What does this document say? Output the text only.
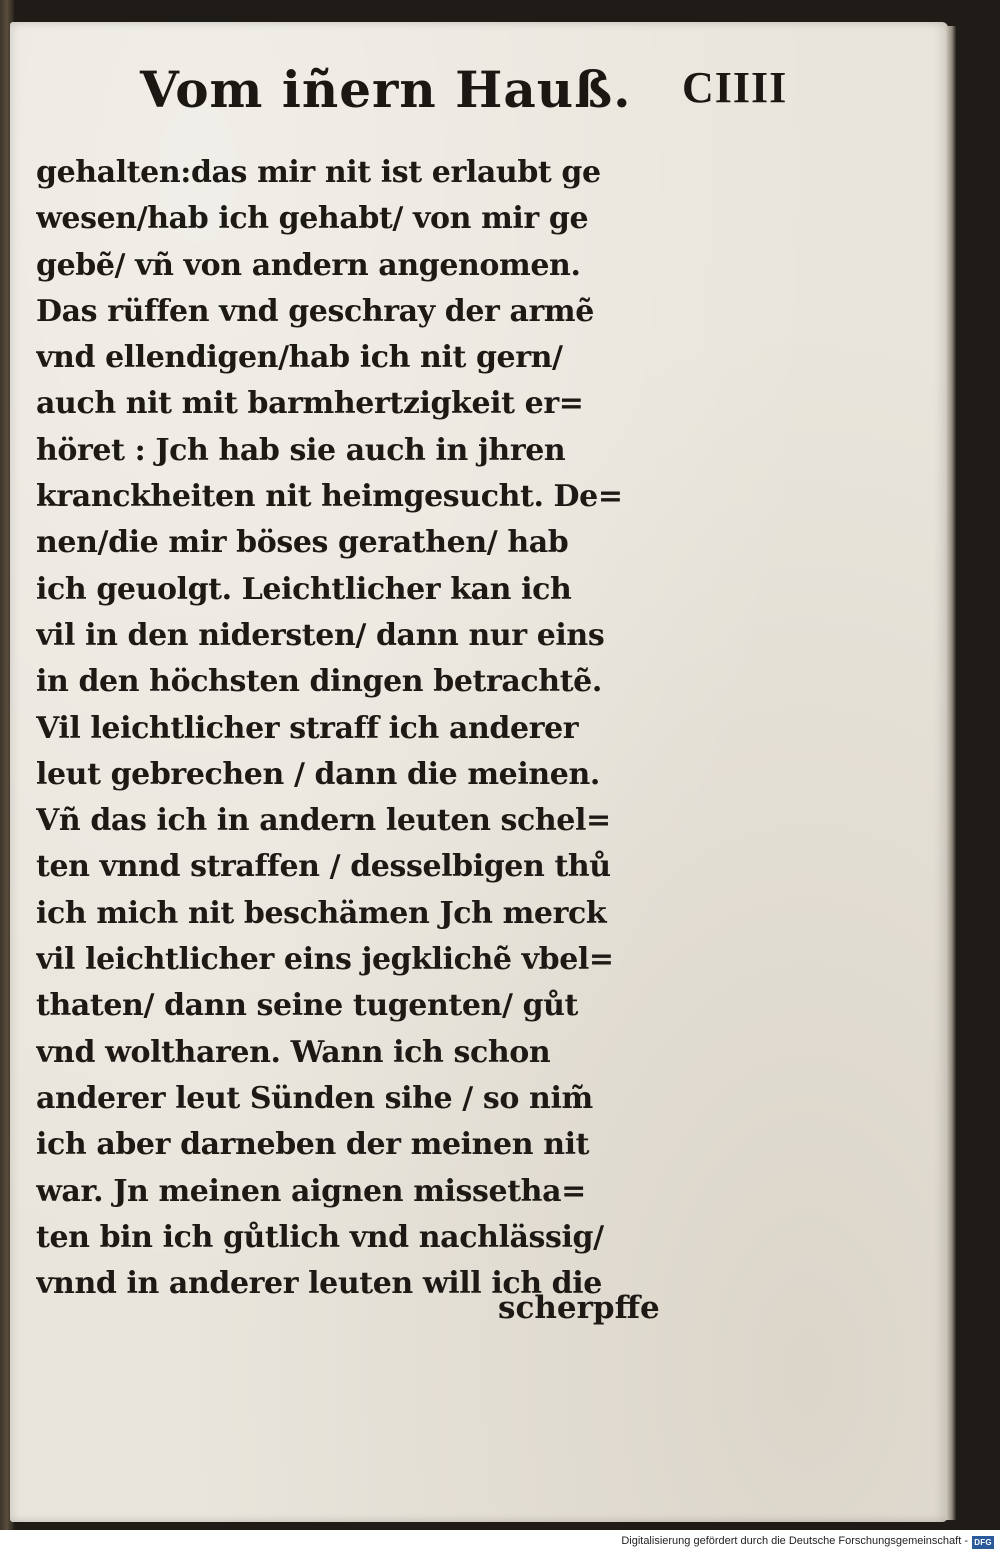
Vom iñern Hauß. CIIII
gehalten:das mir nit ist erlaubt ge
wesen/hab ich gehabt/ von mir ge
gebẽ/ vñ von andern angenomen.
Das rüffen vnd geschray der armẽ
vnd ellendigen/hab ich nit gern/
auch nit mit barmhertzigkeit er=
höret : Jch hab sie auch in jhren
kranckheiten nit heimgesucht. De=
nen/die mir böses gerathen/ hab
ich geuolgt. Leichtlicher kan ich
vil in den nidersten/ dann nur eins
in den höchsten dingen betrachtẽ.
Vil leichtlicher straff ich anderer
leut gebrechen / dann die meinen.
Vñ das ich in andern leuten schel=
ten vnnd straffen / desselbigen thů
ich mich nit beschämen Jch merck
vil leichtlicher eins jegklichẽ vbel=
thaten/ dann seine tugenten/ gůt
vnd woltharen. Wann ich schon
anderer leut Sünden sihe / so nim̃
ich aber darneben der meinen nit
war. Jn meinen aignen missetha=
ten bin ich gůtlich vnd nachlässig/
vnnd in anderer leuten will ich die
scherpffe
Digitalisierung gefördert durch die Deutsche Forschungsgemeinschaft - DFG
